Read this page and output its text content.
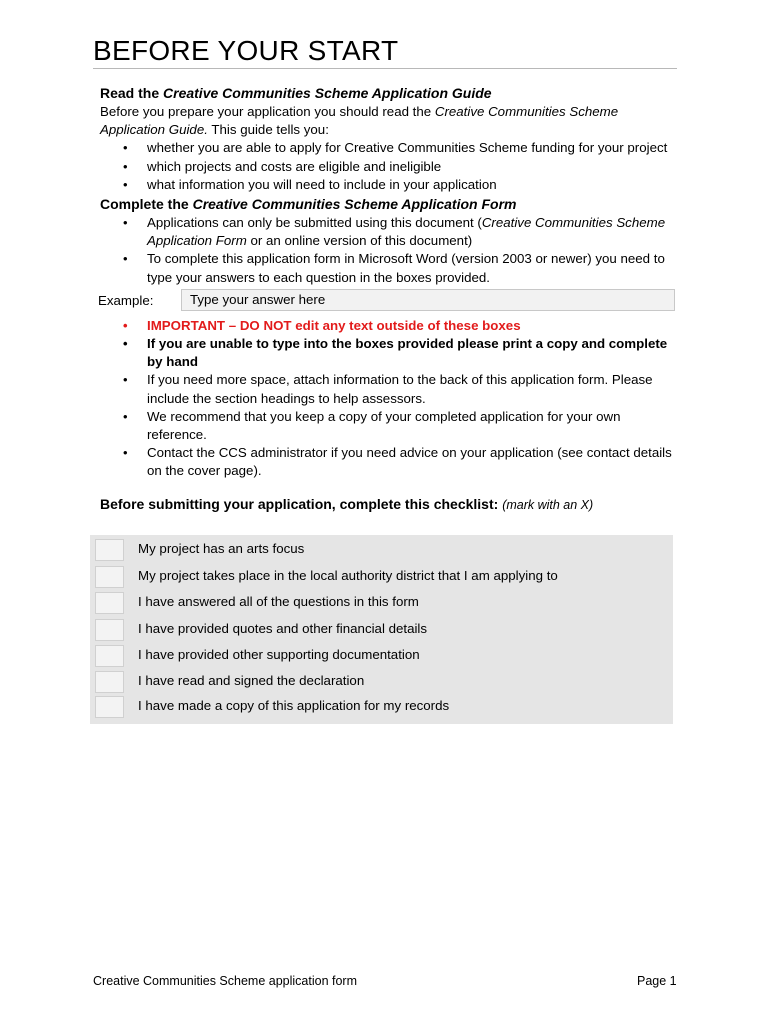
BEFORE YOUR START
Read the Creative Communities Scheme Application Guide

Before you prepare your application you should read the Creative Communities Scheme Application Guide. This guide tells you:

• whether you are able to apply for Creative Communities Scheme funding for your project
• which projects and costs are eligible and ineligible
• what information you will need to include in your application
Complete the Creative Communities Scheme Application Form
• Applications can only be submitted using this document (Creative Communities Scheme Application Form or an online version of this document)
• To complete this application form in Microsoft Word (version 2003 or newer) you need to type your answers to each question in the boxes provided.
Example:	Type your answer here
• IMPORTANT – DO NOT edit any text outside of these boxes
• If you are unable to type into the boxes provided please print a copy and complete by hand
• If you need more space, attach information to the back of this application form. Please include the section headings to help assessors.
• We recommend that you keep a copy of your completed application for your own reference.
• Contact the CCS administrator if you need advice on your application (see contact details on the cover page).
Before submitting your application, complete this checklist: (mark with an X)
My project has an arts focus
My project takes place in the local authority district that I am applying to
I have answered all of the questions in this form
I have provided quotes and other financial details
I have provided other supporting documentation
I have read and signed the declaration
I have made a copy of this application for my records
Creative Communities Scheme application form	Page 1
